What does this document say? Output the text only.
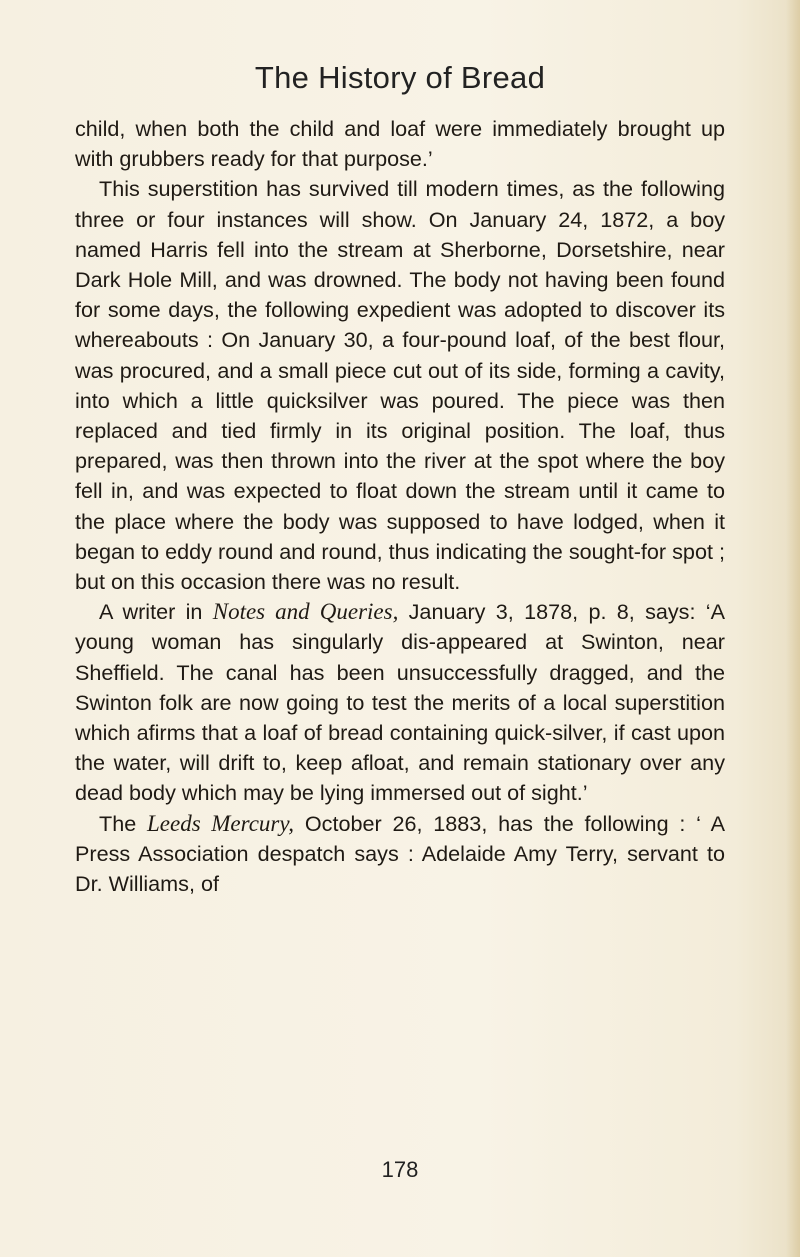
The History of Bread

child, when both the child and loaf were immediately brought up with grubbers ready for that purpose.’

This superstition has survived till modern times, as the following three or four instances will show. On January 24, 1872, a boy named Harris fell into the stream at Sherborne, Dorsetshire, near Dark Hole Mill, and was drowned. The body not having been found for some days, the following expedient was adopted to discover its whereabouts : On January 30, a four-pound loaf, of the best flour, was procured, and a small piece cut out of its side, forming a cavity, into which a little quicksilver was poured. The piece was then replaced and tied firmly in its original position. The loaf, thus prepared, was then thrown into the river at the spot where the boy fell in, and was expected to float down the stream until it came to the place where the body was supposed to have lodged, when it began to eddy round and round, thus indicating the sought-for spot ; but on this occasion there was no result.

A writer in Notes and Queries, January 3, 1878, p. 8, says: ‘A young woman has singularly dis-appeared at Swinton, near Sheffield. The canal has been unsuccessfully dragged, and the Swinton folk are now going to test the merits of a local superstition which afirms that a loaf of bread containing quick-silver, if cast upon the water, will drift to, keep afloat, and remain stationary over any dead body which may be lying immersed out of sight.’

The Leeds Mercury, October 26, 1883, has the following : ‘ A Press Association despatch says : Adelaide Amy Terry, servant to Dr. Williams, of

178
